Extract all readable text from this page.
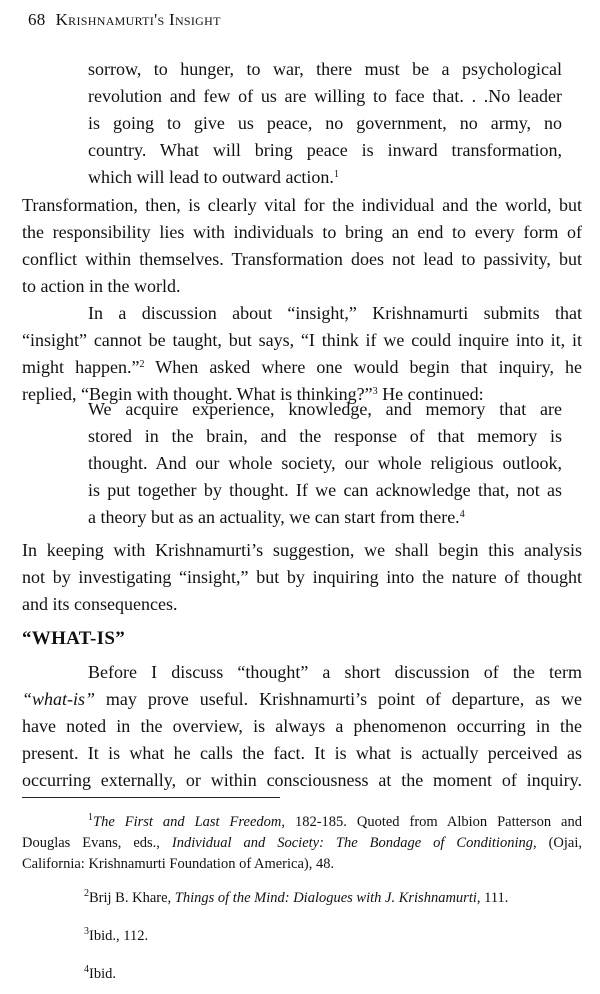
68 Krishnamurti's Insight
sorrow, to hunger, to war, there must be a psychological
revolution and few of us are willing to face that. . .No leader
is going to give us peace, no government, no army, no
country. What will bring peace is inward transformation,
which will lead to outward action.$^1$
Transformation, then, is clearly vital for the individual and the world, but
the responsibility lies with individuals to bring an end to every form of
conflict within themselves. Transformation does not lead to passivity, but
to action in the world.
In a discussion about “insight,” Krishnamurti submits that
“insight” cannot be taught, but says, “I think if we could inquire into it, it
might happen.”$^2$ When asked where one would begin that inquiry, he
replied, “Begin with thought. What is thinking?”$^3$ He continued:
We acquire experience, knowledge, and memory that are
stored in the brain, and the response of that memory is
thought. And our whole society, our whole religious outlook,
is put together by thought. If we can acknowledge that, not as
a theory but as an actuality, we can start from there.$^4$
In keeping with Krishnamurti’s suggestion, we shall begin this analysis
not by investigating “insight,” but by inquiring into the nature of thought
and its consequences.
“WHAT-IS”
Before I discuss “thought” a short discussion of the term
“what-is” may prove useful. Krishnamurti’s point of departure, as we
have noted in the overview, is always a phenomenon occurring in the
present. It is what he calls the fact. It is what is actually perceived as
occurring externally, or within consciousness at the moment of inquiry.
$^1$The First and Last Freedom, 182-185. Quoted from Albion Patterson and
Douglas Evans, eds., Individual and Society: The Bondage of Conditioning, (Ojai,
California: Krishnamurti Foundation of America), 48.
$^2$Brij B. Khare, Things of the Mind: Dialogues with J. Krishnamurti, 111.
$^3$Ibid., 112.
$^4$Ibid.
